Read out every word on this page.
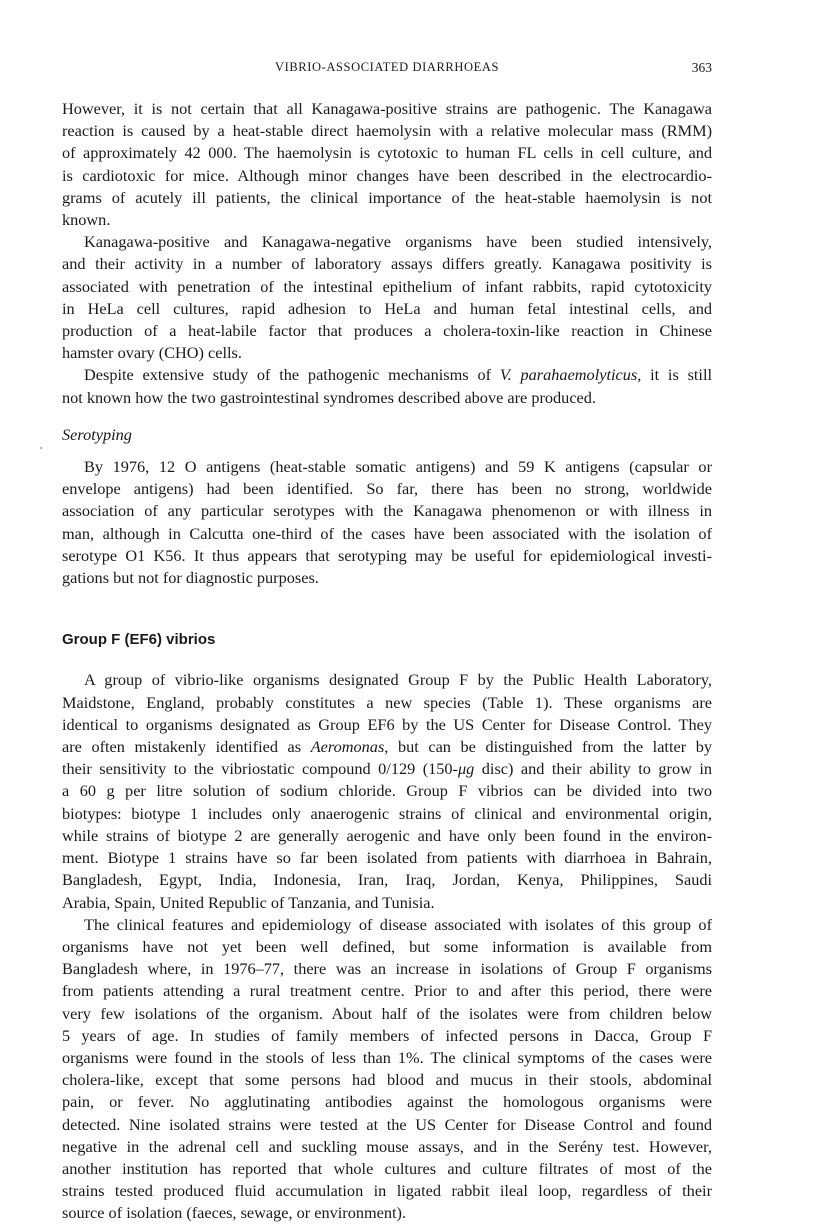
VIBRIO-ASSOCIATED DIARRHOEAS	363

However, it is not certain that all Kanagawa-positive strains are pathogenic. The Kanagawa
reaction is caused by a heat-stable direct haemolysin with a relative molecular mass (RMM)
of approximately 42 000. The haemolysin is cytotoxic to human FL cells in cell culture, and
is cardiotoxic for mice. Although minor changes have been described in the electrocardio-
grams of acutely ill patients, the clinical importance of the heat-stable haemolysin is not
known.

Kanagawa-positive and Kanagawa-negative organisms have been studied intensively,
and their activity in a number of laboratory assays differs greatly. Kanagawa positivity is
associated with penetration of the intestinal epithelium of infant rabbits, rapid cytotoxicity
in HeLa cell cultures, rapid adhesion to HeLa and human fetal intestinal cells, and
production of a heat-labile factor that produces a cholera-toxin-like reaction in Chinese
hamster ovary (CHO) cells.

Despite extensive study of the pathogenic mechanisms of V. parahaemolyticus, it is still
not known how the two gastrointestinal syndromes described above are produced.

Serotyping

By 1976, 12 O antigens (heat-stable somatic antigens) and 59 K antigens (capsular or
envelope antigens) had been identified. So far, there has been no strong, worldwide
association of any particular serotypes with the Kanagawa phenomenon or with illness in
man, although in Calcutta one-third of the cases have been associated with the isolation of
serotype O1 K56. It thus appears that serotyping may be useful for epidemiological investi-
gations but not for diagnostic purposes.

Group F (EF6) vibrios

A group of vibrio-like organisms designated Group F by the Public Health Laboratory,
Maidstone, England, probably constitutes a new species (Table 1). These organisms are
identical to organisms designated as Group EF6 by the US Center for Disease Control. They
are often mistakenly identified as Aeromonas, but can be distinguished from the latter by
their sensitivity to the vibriostatic compound 0/129 (150-μg disc) and their ability to grow in
a 60 g per litre solution of sodium chloride. Group F vibrios can be divided into two
biotypes: biotype 1 includes only anaerogenic strains of clinical and environmental origin,
while strains of biotype 2 are generally aerogenic and have only been found in the environ-
ment. Biotype 1 strains have so far been isolated from patients with diarrhoea in Bahrain,
Bangladesh, Egypt, India, Indonesia, Iran, Iraq, Jordan, Kenya, Philippines, Saudi
Arabia, Spain, United Republic of Tanzania, and Tunisia.

The clinical features and epidemiology of disease associated with isolates of this group of
organisms have not yet been well defined, but some information is available from
Bangladesh where, in 1976–77, there was an increase in isolations of Group F organisms
from patients attending a rural treatment centre. Prior to and after this period, there were
very few isolations of the organism. About half of the isolates were from children below
5 years of age. In studies of family members of infected persons in Dacca, Group F
organisms were found in the stools of less than 1%. The clinical symptoms of the cases were
cholera-like, except that some persons had blood and mucus in their stools, abdominal
pain, or fever. No agglutinating antibodies against the homologous organisms were
detected. Nine isolated strains were tested at the US Center for Disease Control and found
negative in the adrenal cell and suckling mouse assays, and in the Serény test. However,
another institution has reported that whole cultures and culture filtrates of most of the
strains tested produced fluid accumulation in ligated rabbit ileal loop, regardless of their
source of isolation (faeces, sewage, or environment).
